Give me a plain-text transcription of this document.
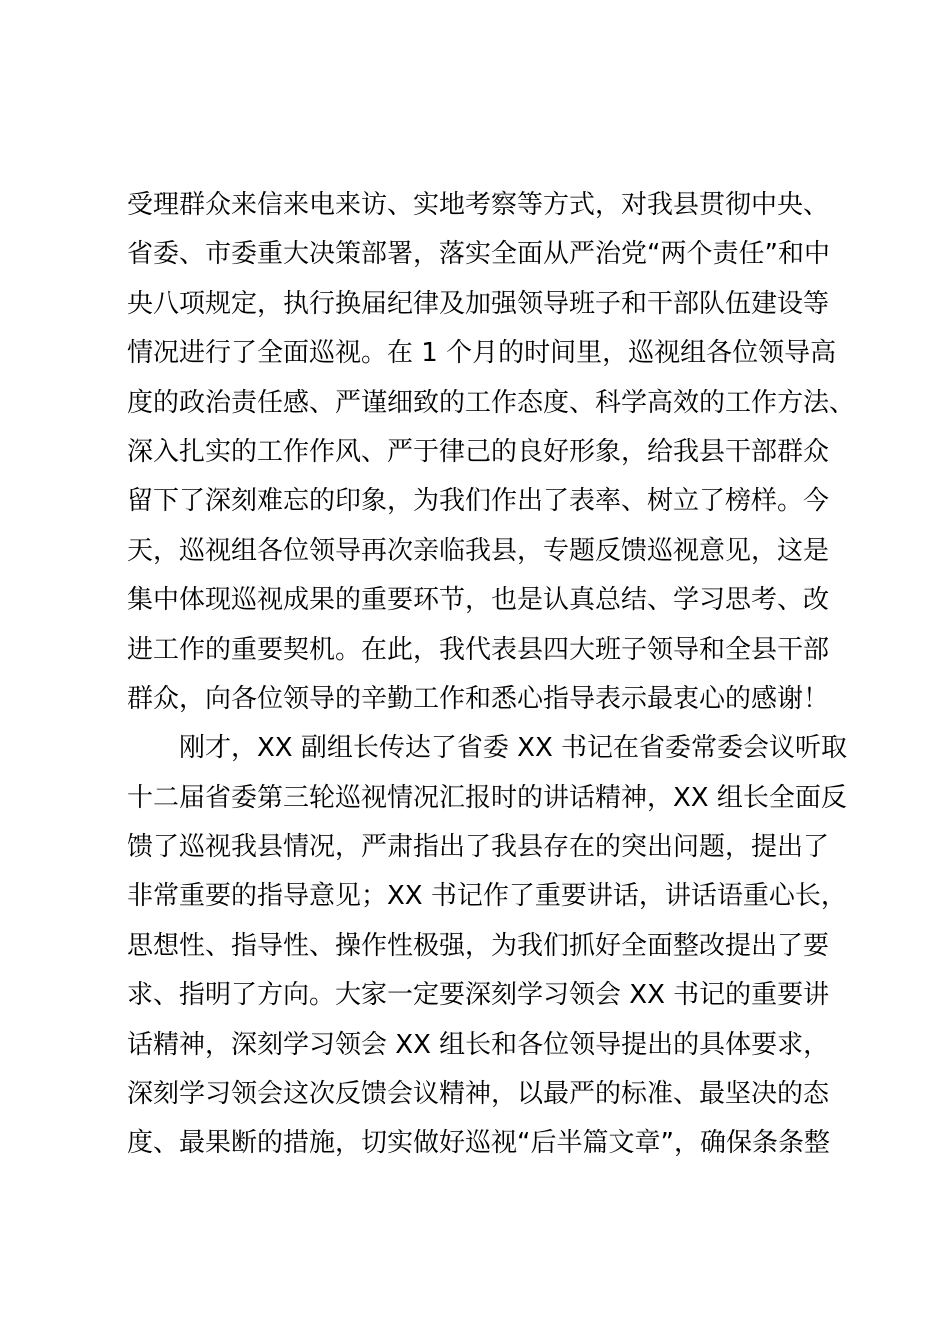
受理群众来信来电来访、实地考察等方式，对我县贯彻中央、
省委、市委重大决策部署，落实全面从严治党“两个责任”和中
央八项规定，执行换届纪律及加强领导班子和干部队伍建设等
情况进行了全面巡视。在 1 个月的时间里，巡视组各位领导高
度的政治责任感、严谨细致的工作态度、科学高效的工作方法、
深入扎实的工作作风、严于律己的良好形象，给我县干部群众
留下了深刻难忘的印象，为我们作出了表率、树立了榜样。今
天，巡视组各位领导再次亲临我县，专题反馈巡视意见，这是
集中体现巡视成果的重要环节，也是认真总结、学习思考、改
进工作的重要契机。在此，我代表县四大班子领导和全县干部
群众，向各位领导的辛勤工作和悉心指导表示最衷心的感谢！
刚才，XX 副组长传达了省委 XX 书记在省委常委会议听取
十二届省委第三轮巡视情况汇报时的讲话精神，XX 组长全面反
馈了巡视我县情况，严肃指出了我县存在的突出问题，提出了
非常重要的指导意见；XX 书记作了重要讲话，讲话语重心长，
思想性、指导性、操作性极强，为我们抓好全面整改提出了要
求、指明了方向。大家一定要深刻学习领会 XX 书记的重要讲
话精神，深刻学习领会 XX 组长和各位领导提出的具体要求，
深刻学习领会这次反馈会议精神，以最严的标准、最坚决的态
度、最果断的措施，切实做好巡视“后半篇文章”，确保条条整
